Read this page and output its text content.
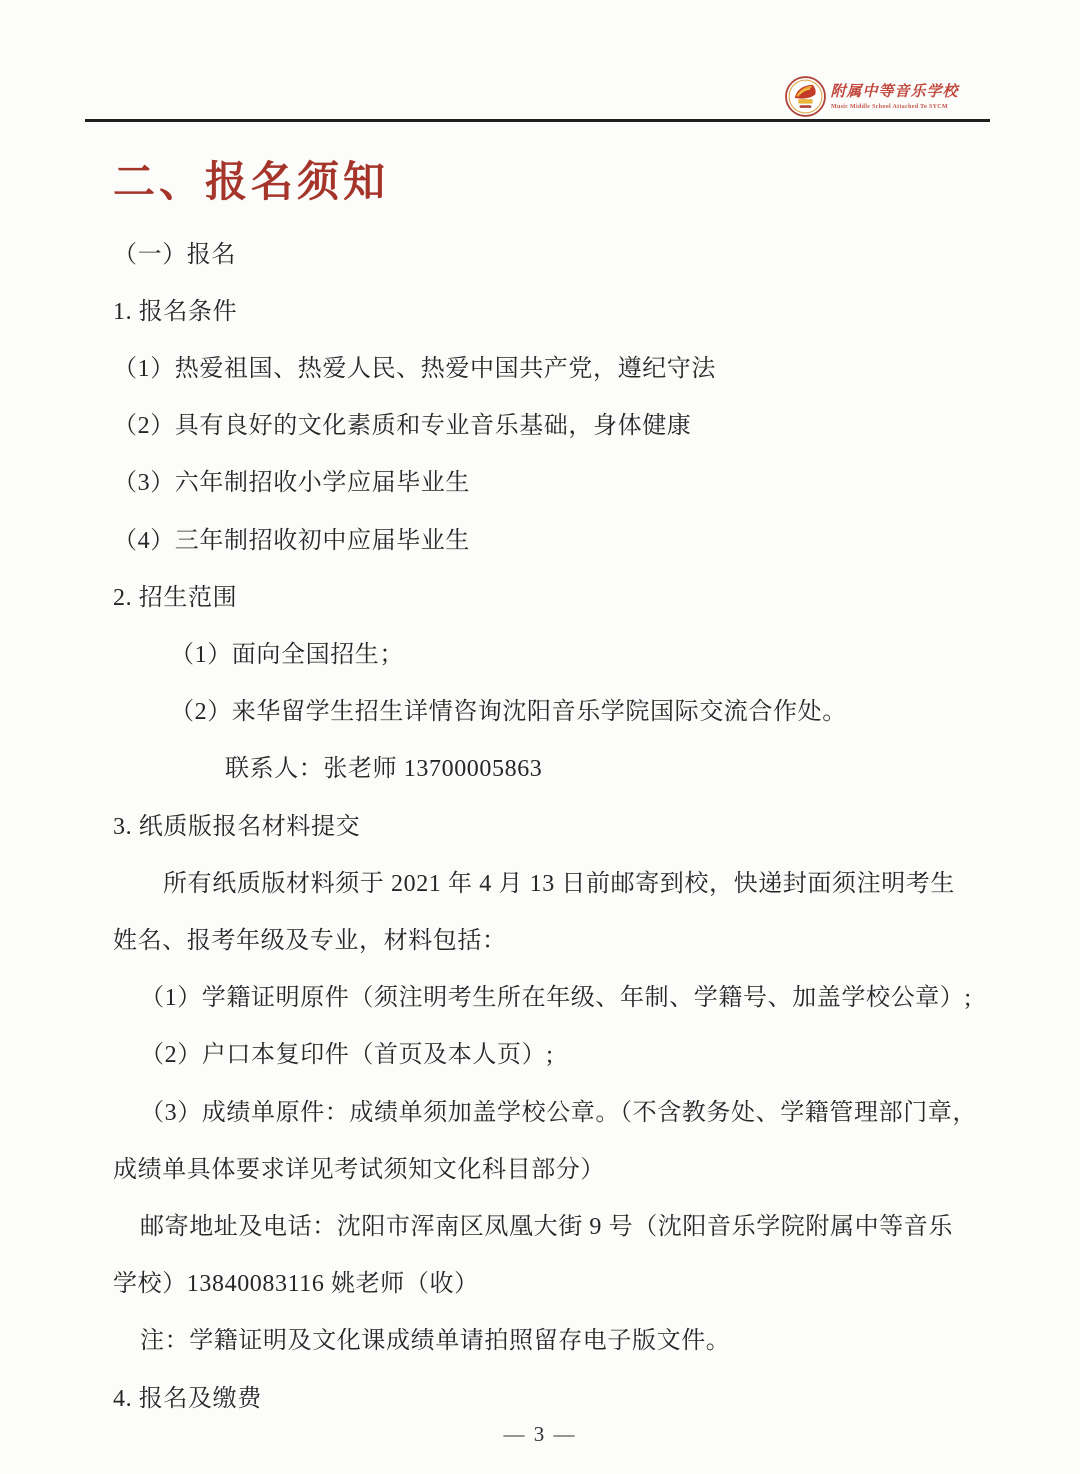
附属中等音乐学校
Music Middle School Attached To SYCM
二、报名须知

（一）报名

1. 报名条件

（1）热爱祖国、热爱人民、热爱中国共产党，遵纪守法

（2）具有良好的文化素质和专业音乐基础，身体健康

（3）六年制招收小学应届毕业生

（4）三年制招收初中应届毕业生

2. 招生范围

（1）面向全国招生；

（2）来华留学生招生详情咨询沈阳音乐学院国际交流合作处。

联系人：张老师 13700005863

3. 纸质版报名材料提交

所有纸质版材料须于 2021 年 4 月 13 日前邮寄到校，快递封面须注明考生

姓名、报考年级及专业，材料包括：

（1）学籍证明原件（须注明考生所在年级、年制、学籍号、加盖学校公章）;

（2）户口本复印件（首页及本人页）;

（3）成绩单原件：成绩单须加盖学校公章。（不含教务处、学籍管理部门章，

成绩单具体要求详见考试须知文化科目部分）

邮寄地址及电话：沈阳市浑南区凤凰大街 9 号（沈阳音乐学院附属中等音乐

学校）13840083116 姚老师（收）

注：学籍证明及文化课成绩单请拍照留存电子版文件。

4. 报名及缴费

— 3 —
